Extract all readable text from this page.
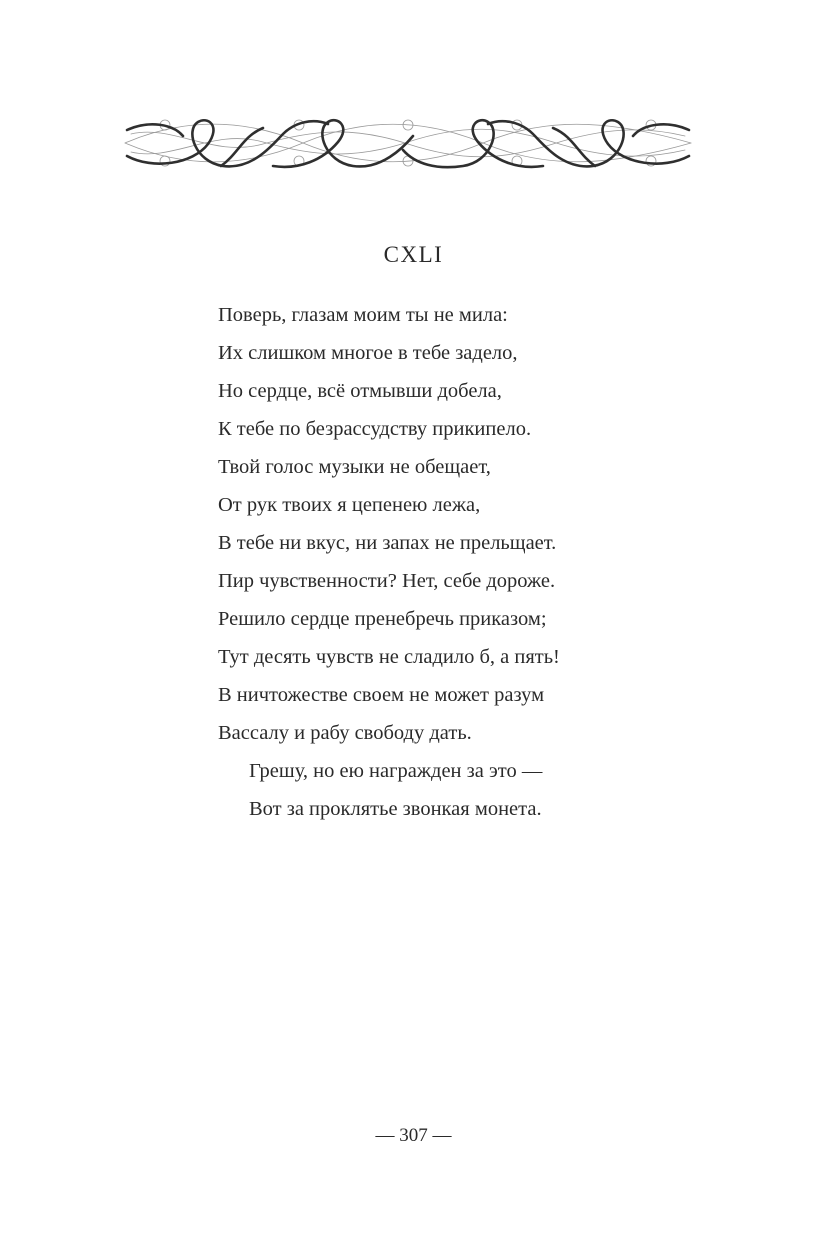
CXLI
Поверь, глазам моим ты не мила:
Их слишком многое в тебе задело,
Но сердце, всё отмывши добела,
К тебе по безрассудству прикипело.
Твой голос музыки не обещает,
От рук твоих я цепенею лежа,
В тебе ни вкус, ни запах не прельщает.
Пир чувственности? Нет, себе дороже.
Решило сердце пренебречь приказом;
Тут десять чувств не сладило б, а пять!
В ничтожестве своем не может разум
Вассалу и рабу свободу дать.
Грешу, но ею награжден за это —
Вот за проклятье звонкая монета.
— 307 —
